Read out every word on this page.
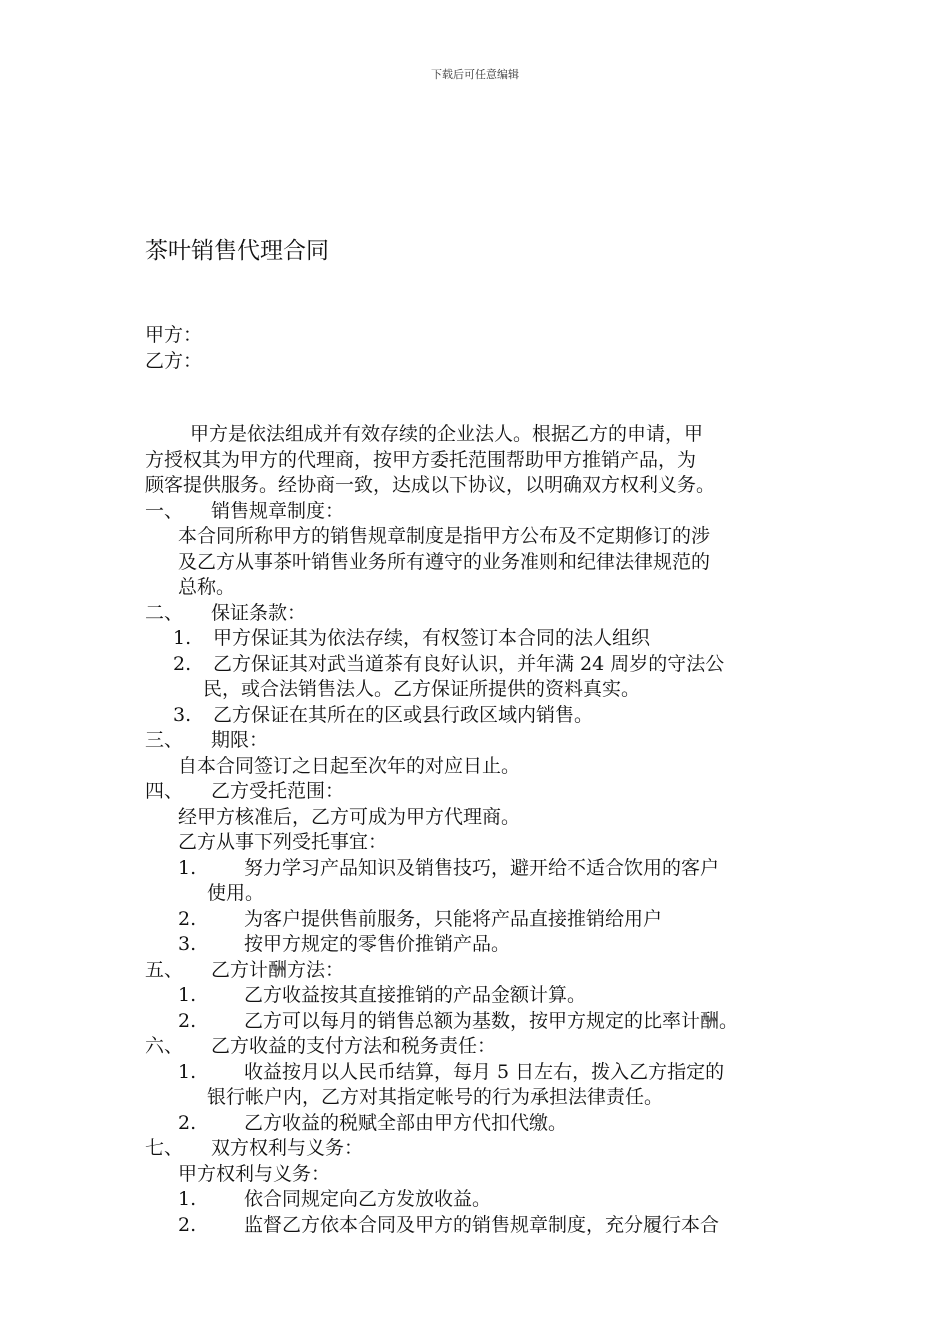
下载后可任意编辑
茶叶销售代理合同
甲方：
乙方：
甲方是依法组成并有效存续的企业法人。根据乙方的申请，甲
方授权其为甲方的代理商，按甲方委托范围帮助甲方推销产品，为
顾客提供服务。经协商一致，达成以下协议，以明确双方权利义务。
一、	销售规章制度：
本合同所称甲方的销售规章制度是指甲方公布及不定期修订的涉
及乙方从事茶叶销售业务所有遵守的业务准则和纪律法律规范的
总称。
二、	保证条款：
1. 甲方保证其为依法存续，有权签订本合同的法人组织
2. 乙方保证其对武当道茶有良好认识，并年满 24 周岁的守法公
民，或合法销售法人。乙方保证所提供的资料真实。
3. 乙方保证在其所在的区或县行政区域内销售。
三、	期限：
自本合同签订之日起至次年的对应日止。
四、	乙方受托范围：
经甲方核准后，乙方可成为甲方代理商。
乙方从事下列受托事宜：
1.	努力学习产品知识及销售技巧，避开给不适合饮用的客户
使用。
2.	为客户提供售前服务，只能将产品直接推销给用户
3.	按甲方规定的零售价推销产品。
五、	乙方计酬方法：
1.	乙方收益按其直接推销的产品金额计算。
2.	乙方可以每月的销售总额为基数，按甲方规定的比率计酬。
六、	乙方收益的支付方法和税务责任：
1.	收益按月以人民币结算，每月 5 日左右，拨入乙方指定的
银行帐户内，乙方对其指定帐号的行为承担法律责任。
2.	乙方收益的税赋全部由甲方代扣代缴。
七、	双方权利与义务：
甲方权利与义务：
1.	依合同规定向乙方发放收益。
2.	监督乙方依本合同及甲方的销售规章制度，充分履行本合
